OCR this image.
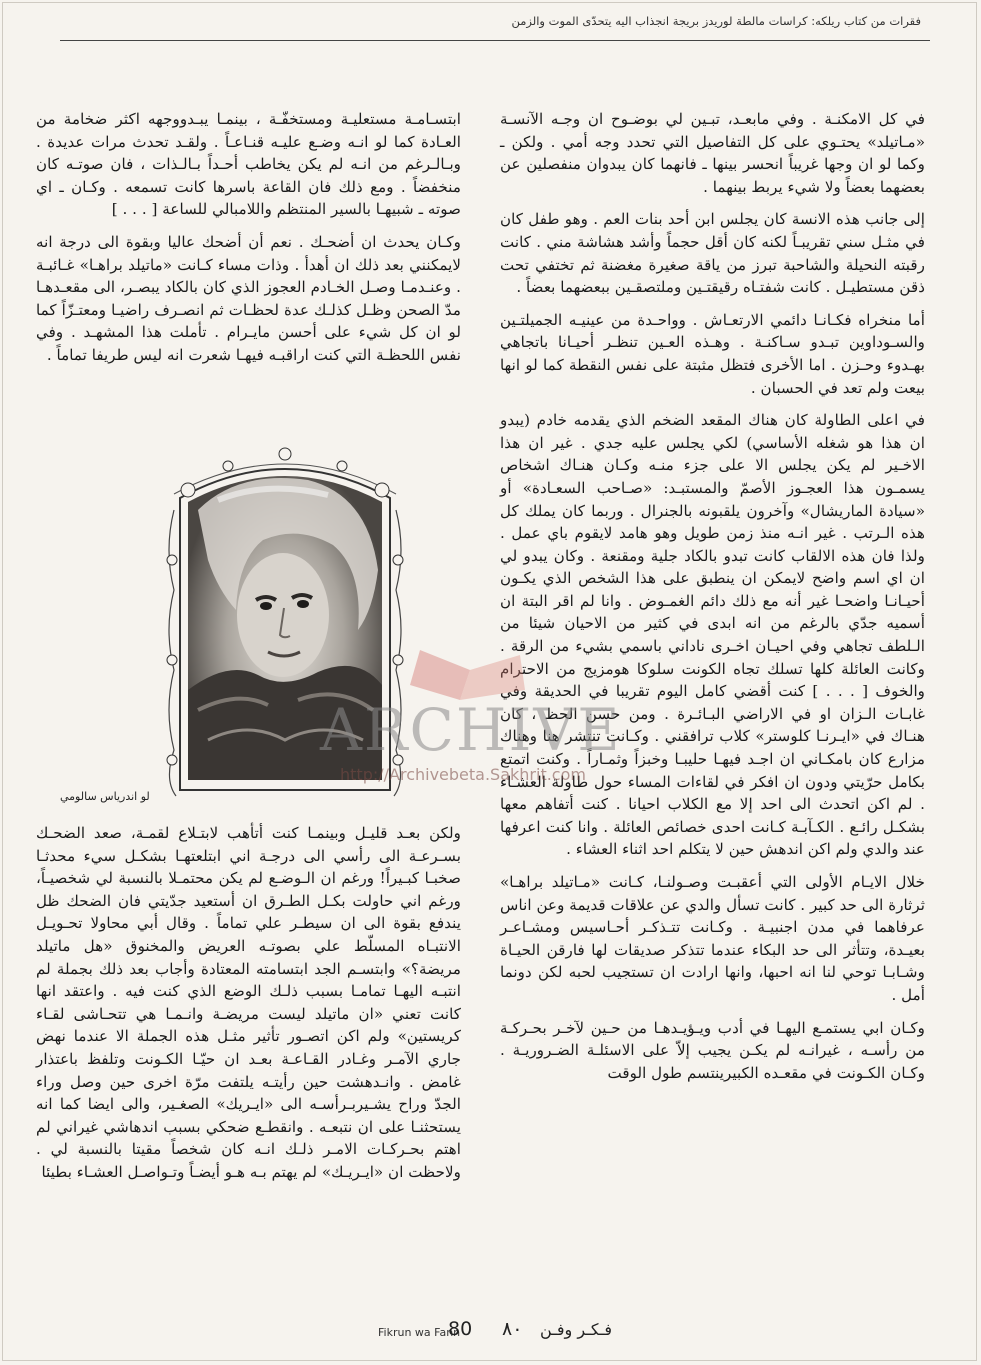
فقرات من كتاب ريلكه: كراسات مالطة لوريدز بريجة انجذاب اليه يتحدّى الموت والزمن

في كل الامكنـة . وفي مابعـد، تبـين لي بوضـوح ان وجـه الآنسـة «مـاتيلد» يحتـوي على كل التفاصيل التي تحدد وجه أمي . ولكن ـ وكما لو ان وجها غريباً انحسر بينها ـ فانهما كان يبدوان منفصلين عن بعضهما بعضاً ولا شيء يربط بينهما .

إلى جانب هذه الانسة كان يجلس ابن أحد بنات العم . وهو طفل كان في مثـل سني تقريبـاً لكنه كان أقل حجماً وأشد هشاشة مني . كانت رقبته النحيلة والشاحبة تبرز من ياقة صغيرة مغضنة ثم تختفي تحت ذقن مستطيـل . كانت شفتـاه رقيقتـين وملتصقـين ببعضهما بعضاً .

أما منخراه فكـانـا دائمي الارتعـاش . وواحـدة من عينيـه الجميلتـين والسـوداوين تبـدو سـاكنـة . وهـذه العـين تنظـر أحيـانا باتجاهي بهـدوء وحـزن . اما الأخرى فتظل مثبتة على نفس النقطة كما لو انها بيعت ولم تعد في الحسبان .

في اعلى الطاولة كان هناك المقعد الضخم الذي يقدمه خادم (يبدو ان هذا هو شغله الأساسي) لكي يجلس عليه جدي . غير ان هذا الاخـير لم يكن يجلس الا على جزء منـه وكـان هنـاك اشخاص يسمـون هذا العجـوز الأصمّ والمستبـد: «صـاحب السعـادة» أو «سيادة الماريشال» وآخرون يلقبونه بالجنرال . وربما كان يملك كل هذه الـرتب . غير انـه منذ زمن طويل وهو هامد لايقوم باي عمل . ولذا فان هذه الالقاب كانت تبدو بالكاد جلية ومقنعة . وكان يبدو لي ان اي اسم واضح لايمكن ان ينطبق على هذا الشخص الذي يكـون أحيـانـا واضحـا غير أنه مع ذلك دائم الغمـوض . وانا لم اقر البتة ان أسميه جدّي بالرغم من انه ابدى في كثير من الاحيان شيئا من الـلطف تجاهي وفي احيـان اخـرى ناداني باسمي بشيء من الرقة . وكانت العائلة كلها تسلك تجاه الكونت سلوكا هومزيج من الاحترام والخوف [ . . . ] كنت أقضي كامل اليوم تقريبا في الحديقة وفي غابـات الـزان او في الاراضي البـائـرة . ومن حسن الحظ ، كان هنـاك في «ايـرنـا كلوستر» كلاب ترافقني . وكـانت تنتشر هنا وهناك مزارع كان بامكـاني ان اجـد فيهـا حليبـا وخبزاً وثمـاراً . وكنت اتمتع بكامل حرّيتي ودون ان افكر في لقاءات المساء حول طاولة العشـاء . لم اكن اتحدث الى احد إلا مع الكلاب احيانا . كنت أتفاهم معها بشكـل رائـع . الكـآبـة كـانت احدى خصائص العائلة . وانا كنت اعرفها عند والدي ولم اكن اندهش حين لا يتكلم احد اثناء العشاء .

خلال الايـام الأولى التي أعقبـت وصـولنـا، كـانت «مـاتيلد براهـا» ثرثارة الى حد كبير . كانت تسأل والدي عن علاقات قديمة وعن اناس عرفاهما في مدن اجنبيـة . وكـانت تتـذكـر أحـاسيس ومشـاعـر بعيـدة، وتتأثر الى حد البكاء عندما تتذكر صديقات لها فارقن الحيـاة وشـابـا توحي لنا انه احبها، وانها ارادت ان تستجيب لحبه لكن دونما أمل .

وكـان ابي يستمـع اليهـا في أدب ويـؤيـدهـا من حـين لآخـر بحـركـة من رأسـه ، غيرانـه لم يكـن يجيب إلاّ على الاسئلـة الضـروريـة . وكـان الكـونت في مقعـده الكبيرينتسم طول الوقت

ابتسـامـة مستعليـة ومستخفّـة ، بينمـا يبـدووجهه اكثر ضخامة من العـادة كما لو انـه وضـع عليـه قنـاعـاً . ولقـد تحدث مرات عديدة . وبـالـرغم من انـه لم يكن يخاطب أحـداً بـالـذات ، فان صوتـه كان منخفضاً . ومع ذلك فان القاعة باسرها كانت تسمعه . وكـان ـ اي صوته ـ شبيهـا بالسير المنتظم واللامبالي للساعة [ . . . ]

وكـان يحدث ان أضحـك . نعم أن أضحك عاليا وبقوة الى درجة انه لايمكنني بعد ذلك ان أهدأ . وذات مساء كـانت «ماتيلد براهـا» غـائبـة . وعنـدمـا وصـل الخـادم العجوز الذي كان بالكاد يبصـر، الى مقعـدهـا مدّ الصحن وظـل كذلـك عدة لحظـات ثم انصـرف راضيـا ومعتـزّاً كما لو ان كل شيء على أحسن مايـرام . تأملت هذا المشهـد . وفي نفس اللحظـة التي كنت اراقبـه فيهـا شعرت انه ليس طريفا تماماً .

لو اندرياس سالومي

ولكن بعـد قليـل وبينمـا كنت أتأهب لابتـلاع لقمـة، صعد الضحـك بسـرعـة الى رأسي الى درجـة اني ابتلعتهـا بشكـل سيء محدثـا صخبـا كبـيراً! ورغم ان الـوضـع لم يكن محتمـلا بالنسبة لي شخصيـاً، ورغم اني حاولت بكـل الطـرق ان أستعيد جدّيتي فان الضحك ظل يندفع بقوة الى ان سيطـر علي تماماً . وقال أبي محاولا تحـويـل الانتبـاه المسلّط علي بصوتـه العريض والمخنوق «هل ماتيلد مريضة؟» وابتسـم الجد ابتسامته المعتادة وأجاب بعد ذلك بجملة لم انتبـه اليهـا تمامـا بسبب ذلـك الوضع الذي كنت فيه . واعتقد انها كانت تعني «ان ماتيلد ليست مريضـة وانـمـا هي تتحـاشى لقـاء كريستين» ولم اكن اتصـور تأثير مثـل هذه الجملة الا عندما نهض جاري الآمـر وغـادر القـاعـة بعـد ان حيّـا الكـونت وتلفظ باعتذار غامض . وانـدهشت حين رأيتـه يلتفت مرّة اخرى حين وصل وراء الجدّ وراح يشـيربـرأسـه الى «ايـريك» الصغـير، والى ايضا كما انه يستحثنـا على ان نتبعـه . وانقطـع ضحكي بسبب اندهاشي غيراني لم اهتم بحـركـات الامـر ذلـك انـه كان شخصاً مقيتا بالنسبة لي . ولاحظت ان «ايـريـك» لم يهتم بـه هـو أيضـاً وتـواصـل العشـاء بطيئا

ARCHIVE
http://Archivebeta.Sakhrit.com
Fikrun wa Fann
80 ٨٠ فـكـر وفـن
